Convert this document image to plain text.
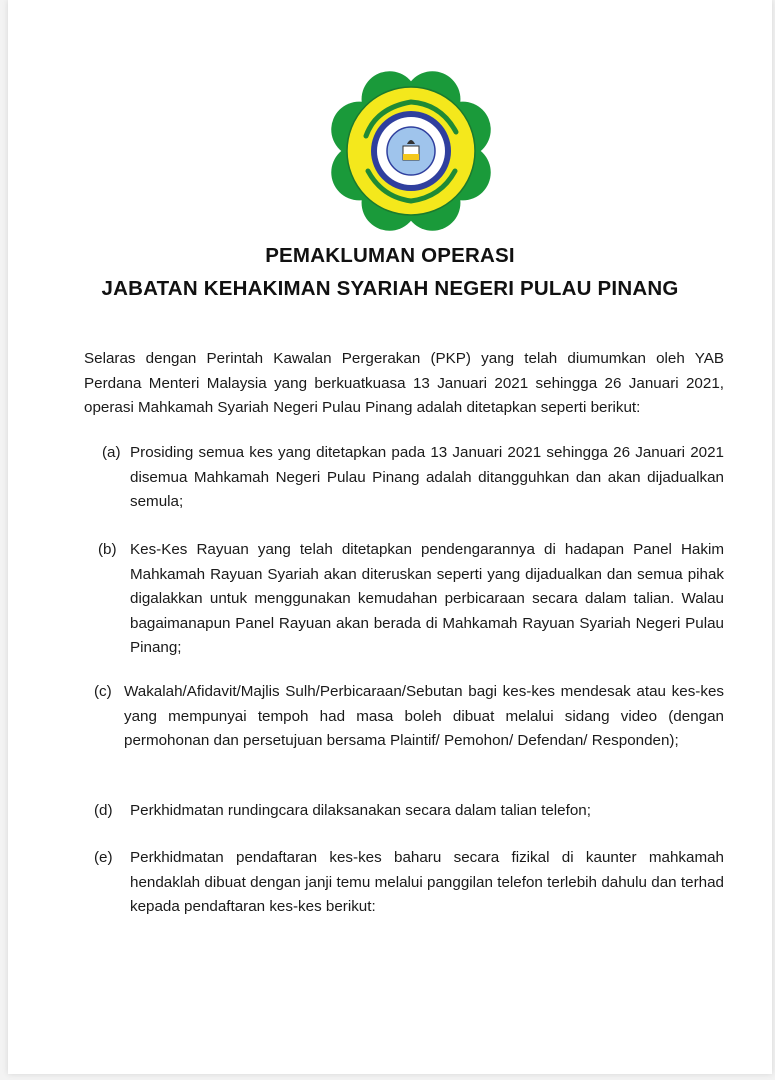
PEMAKLUMAN OPERASI
JABATAN KEHAKIMAN SYARIAH NEGERI PULAU PINANG
Selaras dengan Perintah Kawalan Pergerakan (PKP) yang telah diumumkan oleh YAB Perdana Menteri Malaysia yang berkuatkuasa 13 Januari 2021 sehingga 26 Januari 2021, operasi Mahkamah Syariah Negeri Pulau Pinang adalah ditetapkan seperti berikut:
(a) Prosiding semua kes yang ditetapkan pada 13 Januari 2021 sehingga 26 Januari 2021 disemua Mahkamah Negeri Pulau Pinang adalah ditangguhkan dan akan dijadualkan semula;
(b) Kes-Kes Rayuan yang telah ditetapkan pendengarannya di hadapan Panel Hakim Mahkamah Rayuan Syariah akan diteruskan seperti yang dijadualkan dan semua pihak digalakkan untuk menggunakan kemudahan perbicaraan secara dalam talian. Walau bagaimanapun Panel Rayuan akan berada di Mahkamah Rayuan Syariah Negeri Pulau Pinang;
(c) Wakalah/Afidavit/Majlis Sulh/Perbicaraan/Sebutan bagi kes-kes mendesak atau kes-kes yang mempunyai tempoh had masa boleh dibuat melalui sidang video (dengan permohonan dan persetujuan bersama Plaintif/ Pemohon/ Defendan/ Responden);
(d) Perkhidmatan rundingcara dilaksanakan secara dalam talian telefon;
(e) Perkhidmatan pendaftaran kes-kes baharu secara fizikal di kaunter mahkamah hendaklah dibuat dengan janji temu melalui panggilan telefon terlebih dahulu dan terhad kepada pendaftaran kes-kes berikut:
